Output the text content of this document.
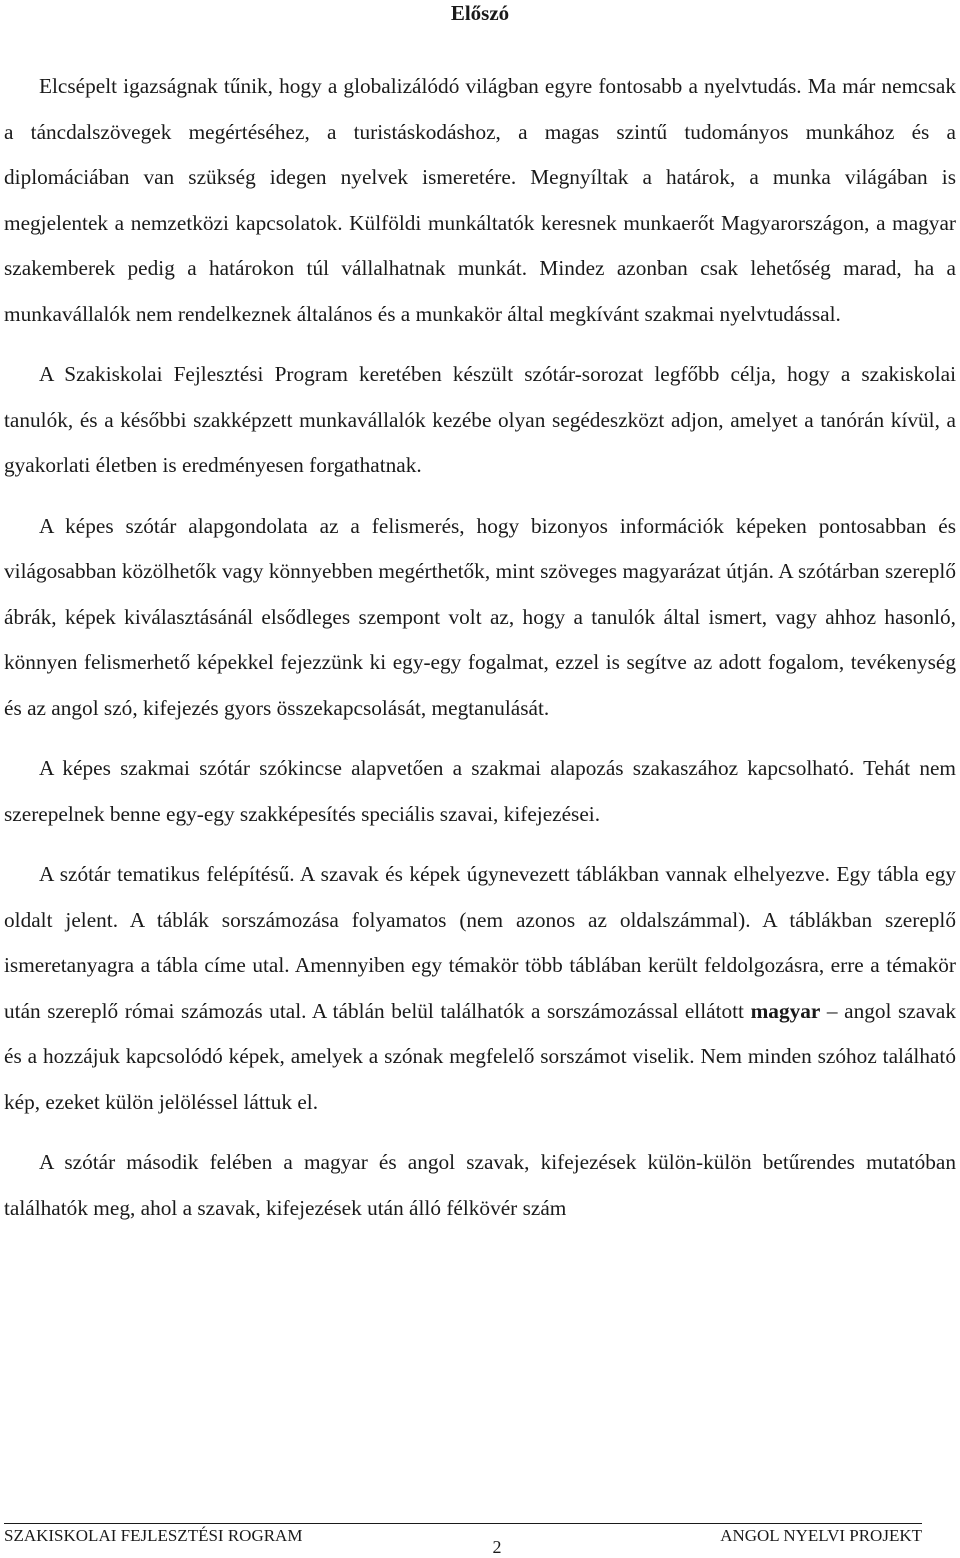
Előszó

Elcsépelt igazságnak tűnik, hogy a globalizálódó világban egyre fontosabb a nyelvtudás. Ma már nemcsak a táncdalszövegek megértéséhez, a turistáskodáshoz, a magas szintű tudományos munkához és a diplomáciában van szükség idegen nyelvek ismeretére. Megnyíltak a határok, a munka világában is megjelentek a nemzetközi kapcsolatok. Külföldi munkáltatók keresnek munkaerőt Magyarországon, a magyar szakemberek pedig a határokon túl vállalhatnak munkát. Mindez azonban csak lehetőség marad, ha a munkavállalók nem rendelkeznek általános és a munkakör által megkívánt szakmai nyelvtudással.

A Szakiskolai Fejlesztési Program keretében készült szótár-sorozat legfőbb célja, hogy a szakiskolai tanulók, és a későbbi szakképzett munkavállalók kezébe olyan segédeszközt adjon, amelyet a tanórán kívül, a gyakorlati életben is eredményesen forgathatnak.

A képes szótár alapgondolata az a felismerés, hogy bizonyos információk képeken pontosabban és világosabban közölhetők vagy könnyebben megérthetők, mint szöveges magyarázat útján. A szótárban szereplő ábrák, képek kiválasztásánál elsődleges szempont volt az, hogy a tanulók által ismert, vagy ahhoz hasonló, könnyen felismerhető képekkel fejezzünk ki egy-egy fogalmat, ezzel is segítve az adott fogalom, tevékenység és az angol szó, kifejezés gyors összekapcsolását, megtanulását.

A képes szakmai szótár szókincse alapvetően a szakmai alapozás szakaszához kapcsolható. Tehát nem szerepelnek benne egy-egy szakképesítés speciális szavai, kifejezései.

A szótár tematikus felépítésű. A szavak és képek úgynevezett táblákban vannak elhelyezve. Egy tábla egy oldalt jelent. A táblák sorszámozása folyamatos (nem azonos az oldalszámmal). A táblákban szereplő ismeretanyagra a tábla címe utal. Amennyiben egy témakör több táblában került feldolgozásra, erre a témakör után szereplő római számozás utal. A táblán belül találhatók a sorszámozással ellátott magyar – angol szavak és a hozzájuk kapcsolódó képek, amelyek a szónak megfelelő sorszámot viselik. Nem minden szóhoz található kép, ezeket külön jelöléssel láttuk el.

A szótár második felében a magyar és angol szavak, kifejezések külön-külön betűrendes mutatóban találhatók meg, ahol a szavak, kifejezések után álló félkövér szám

SZAKISKOLAI FEJLESZTÉSI ROGRAM	ANGOL NYELVI PROJEKT
2
